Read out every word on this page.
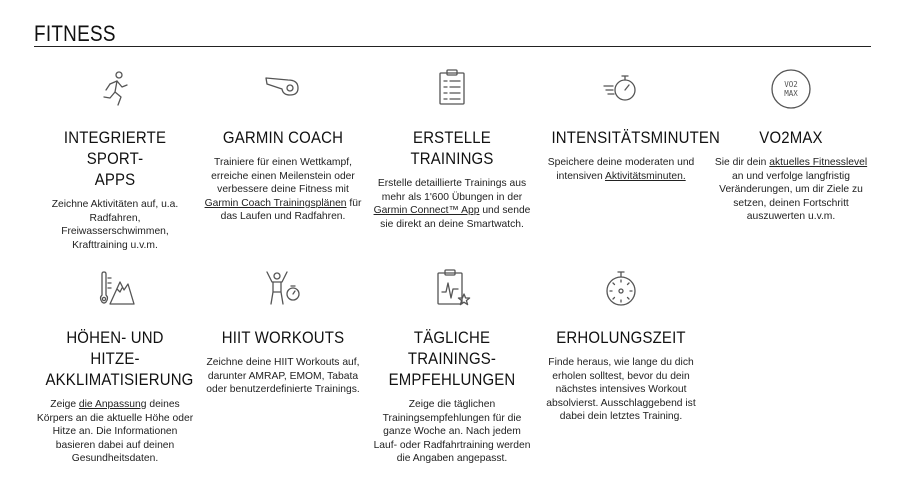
FITNESS
INTEGRIERTE SPORT-
APPS

Zeichne Aktivitäten auf, u.a. Radfahren, Freiwasserschwimmen, Krafttraining u.v.m.

GARMIN COACH

Trainiere für einen Wettkampf, erreiche einen Meilenstein oder verbessere deine Fitness mit Garmin Coach Trainingsplänen für das Laufen und Radfahren.

ERSTELLE TRAININGS

Erstelle detaillierte Trainings aus mehr als 1'600 Übungen in der Garmin Connect™ App und sende sie direkt an deine Smartwatch.

INTENSITÄTSMINUTEN

Speichere deine moderaten und intensiven Aktivitätsminuten.

VO2
MAX
VO2MAX

Sie dir dein aktuelles Fitnesslevel an und verfolge langfristig Veränderungen, um dir Ziele zu setzen, deinen Fortschritt auszuwerten u.v.m.

HÖHEN- UND HITZE-
AKKLIMATISIERUNG

Zeige die Anpassung deines Körpers an die aktuelle Höhe oder Hitze an. Die Informationen basieren dabei auf deinen Gesundheitsdaten.

HIIT WORKOUTS

Zeichne deine HIIT Workouts auf, darunter AMRAP, EMOM, Tabata oder benutzerdefinierte Trainings.

TÄGLICHE TRAININGS-
EMPFEHLUNGEN

Zeige die täglichen Trainingsempfehlungen für die ganze Woche an. Nach jedem Lauf- oder Radfahrtraining werden die Angaben angepasst.

ERHOLUNGSZEIT

Finde heraus, wie lange du dich erholen solltest, bevor du dein nächstes intensives Workout absolvierst. Ausschlaggebend ist dabei dein letztes Training.
